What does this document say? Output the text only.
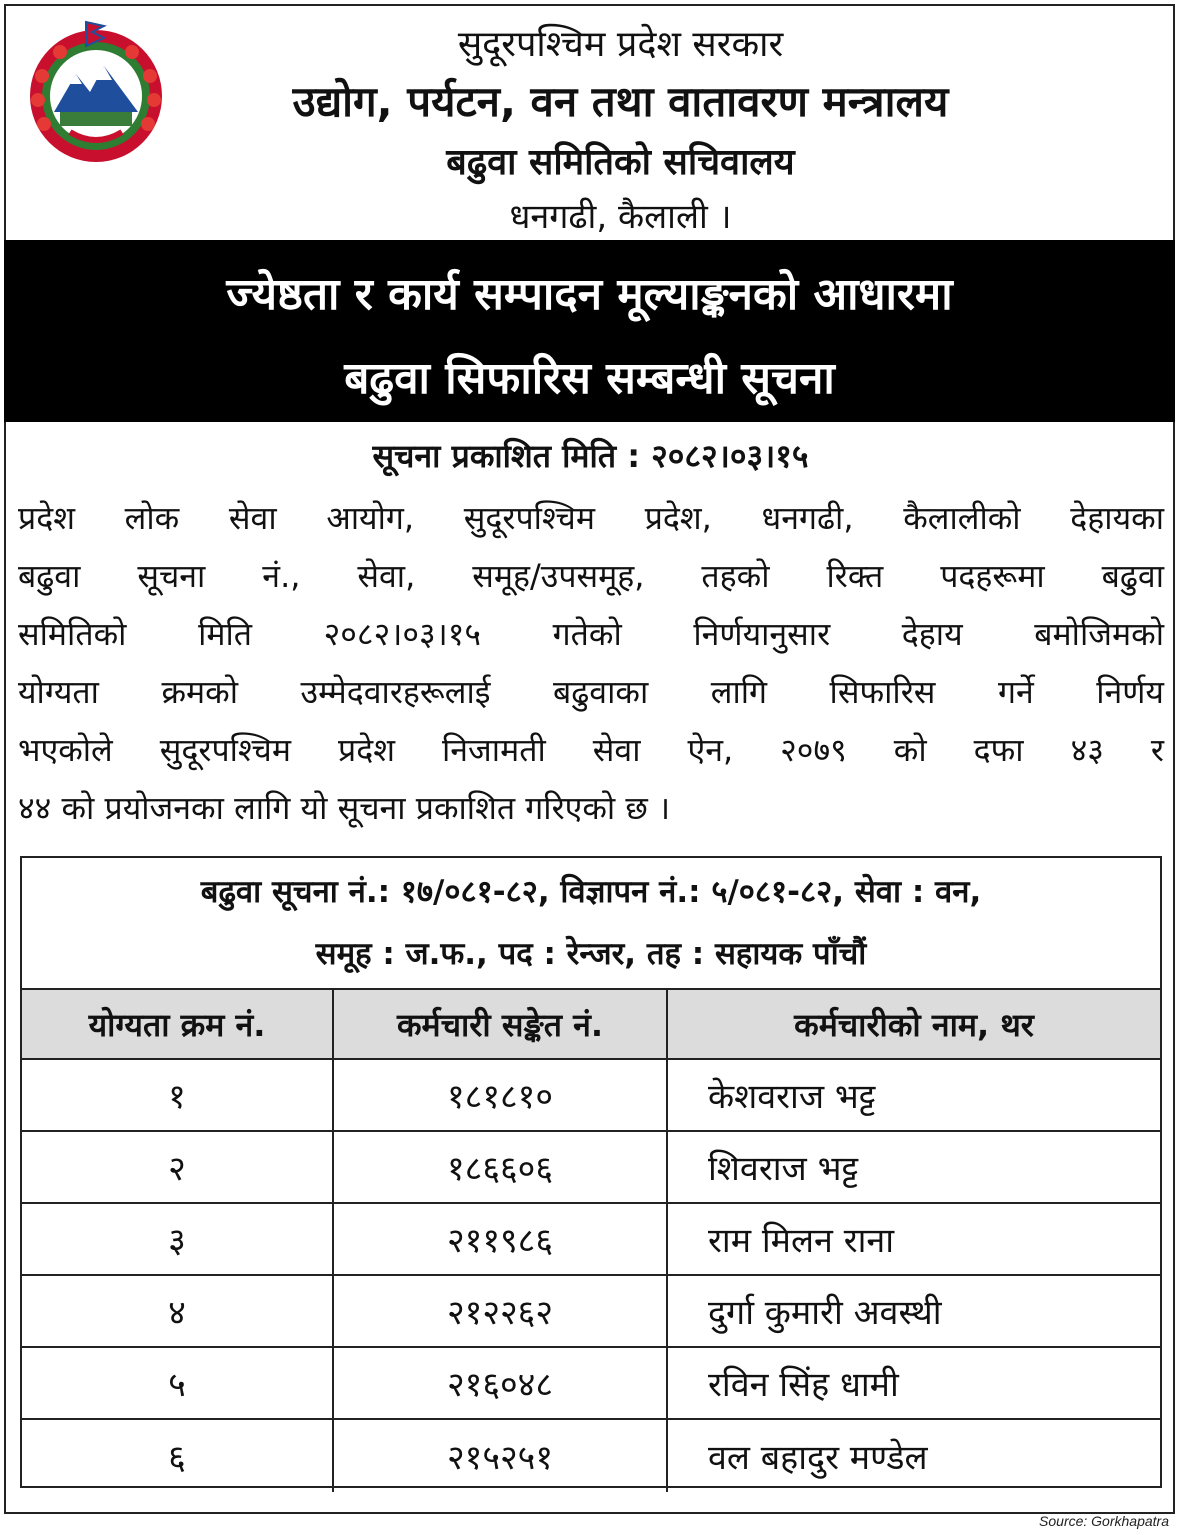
सुदूरपश्चिम प्रदेश सरकार
उद्योग, पर्यटन, वन तथा वातावरण मन्त्रालय
बढुवा समितिको सचिवालय
धनगढी, कैलाली ।
ज्येष्ठता र कार्य सम्पादन मूल्याङ्कनको आधारमा
बढुवा सिफारिस सम्बन्धी सूचना
सूचना प्रकाशित मिति : २०८२।०३।१५
प्रदेश लोक सेवा आयोग, सुदूरपश्चिम प्रदेश, धनगढी, कैलालीको देहायका
बढुवा सूचना नं., सेवा, समूह/उपसमूह, तहको रिक्त पदहरूमा बढुवा
समितिको मिति २०८२।०३।१५ गतेको निर्णयानुसार देहाय बमोजिमको
योग्यता क्रमको उम्मेदवारहरूलाई बढुवाका लागि सिफारिस गर्ने निर्णय
भएकोले सुदूरपश्चिम प्रदेश निजामती सेवा ऐन, २०७९ को दफा ४३ र
४४ को प्रयोजनका लागि यो सूचना प्रकाशित गरिएको छ ।
बढुवा सूचना नं.: १७/०८१-८२, विज्ञापन नं.: ५/०८१-८२, सेवा : वन,
समूह : ज.फ., पद : रेन्जर, तह : सहायक पाँचौं
योग्यता क्रम नं.	कर्मचारी सङ्केत नं.	कर्मचारीको नाम, थर
१	१८१८१०	केशवराज भट्ट
२	१८६६०६	शिवराज भट्ट
३	२११९८६	राम मिलन राना
४	२१२२६२	दुर्गा कुमारी अवस्थी
५	२१६०४८	रविन सिंह धामी
६	२१५२५१	वल बहादुर मण्डेल
Source: Gorkhapatra
